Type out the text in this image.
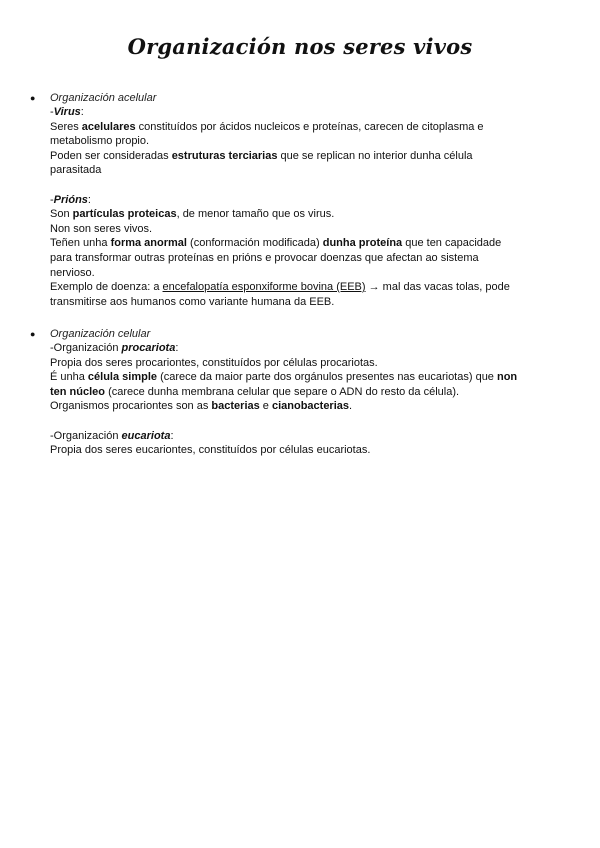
Organización nos seres vivos
● Organización acelular
-Virus:
Seres acelulares constituídos por ácidos nucleicos e proteínas, carecen de citoplasma e
metabolismo propio.
Poden ser consideradas estruturas terciarias que se replican no interior dunha célula
parasitada
-Prións:
Son partículas proteicas, de menor tamaño que os virus.
Non son seres vivos.
Teñen unha forma anormal (conformación modificada) dunha proteína que ten capacidade
para transformar outras proteínas en prións e provocar doenzas que afectan ao sistema
nervioso.
Exemplo de doenza: a encefalopatía esponxiforme bovina (EEB) → mal das vacas tolas, pode
transmitirse aos humanos como variante humana da EEB.
● Organización celular
-Organización procariota:
Propia dos seres procariontes, constituídos por células procariotas.
É unha célula simple (carece da maior parte dos orgánulos presentes nas eucariotas) que non
ten núcleo (carece dunha membrana celular que separe o ADN do resto da célula).
Organismos procariontes son as bacterias e cianobacterias.
-Organización eucariota:
Propia dos seres eucariontes, constituídos por células eucariotas.
